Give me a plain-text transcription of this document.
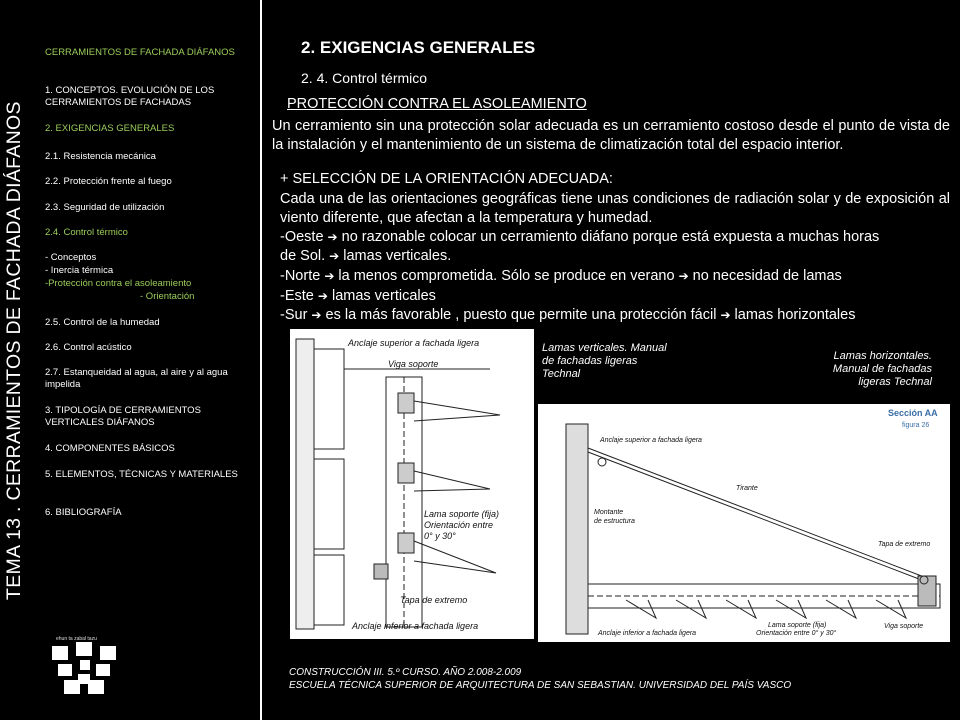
TEMA 13 . CERRAMIENTOS DE FACHADA DIÁFANOS
CERRAMIENTOS DE FACHADA DIÁFANOS
1. CONCEPTOS. EVOLUCIÓN DE LOS CERRAMIENTOS DE FACHADAS
2. EXIGENCIAS GENERALES
2.1. Resistencia mecánica
2.2. Protección frente al fuego
2.3. Seguridad de utilización
2.4. Control térmico
- Conceptos
- Inercia térmica
-Protección contra el asoleamiento
- Orientación
2.5. Control de la humedad
2.6. Control acústico
2.7. Estanqueidad al agua, al aire y al agua impelida
3. TIPOLOGÍA DE CERRAMIENTOS VERTICALES DIÁFANOS
4. COMPONENTES BÁSICOS
5. ELEMENTOS, TÉCNICAS Y MATERIALES
6. BIBLIOGRAFÍA
ehun ta zabal tazu
2. EXIGENCIAS GENERALES
2. 4. Control térmico
PROTECCIÓN CONTRA EL ASOLEAMIENTO
Un cerramiento sin una protección solar adecuada es un cerramiento costoso desde el punto de vista de la instalación y el mantenimiento de un sistema de climatización total del espacio interior.
+ SELECCIÓN DE LA ORIENTACIÓN ADECUADA:
Cada una de las orientaciones geográficas tiene unas condiciones de radiación solar y de exposición al viento diferente, que afectan a la temperatura y humedad.
-Oeste ➔ no razonable colocar un cerramiento diáfano porque está expuesta a muchas horas
de Sol. ➔ lamas verticales.
-Norte ➔ la menos comprometida. Sólo se produce en verano ➔ no necesidad de lamas
-Este ➔ lamas verticales
-Sur ➔ es la más favorable , puesto que permite una protección fácil ➔ lamas horizontales
Anclaje superior a fachada ligera
Viga soporte
Lama soporte (fija)
Orientación entre
0° y 30°
Tapa de extremo
Anclaje inferior a fachada ligera
Lamas verticales. Manual de fachadas ligeras Technal
Lamas horizontales. Manual de fachadas ligeras Technal
Sección AA
figura 26
Anclaje superior a fachada ligera
Tirante
Montante
de estructura
Tapa de extremo
Anclaje inferior a fachada ligera
Lama soporte (fija)
Orientación entre 0° y 30°
Viga soporte
CONSTRUCCIÓN III. 5.º CURSO. AÑO 2.008-2.009
ESCUELA TÉCNICA SUPERIOR DE ARQUITECTURA DE SAN SEBASTIAN. UNIVERSIDAD DEL PAÍS VASCO
